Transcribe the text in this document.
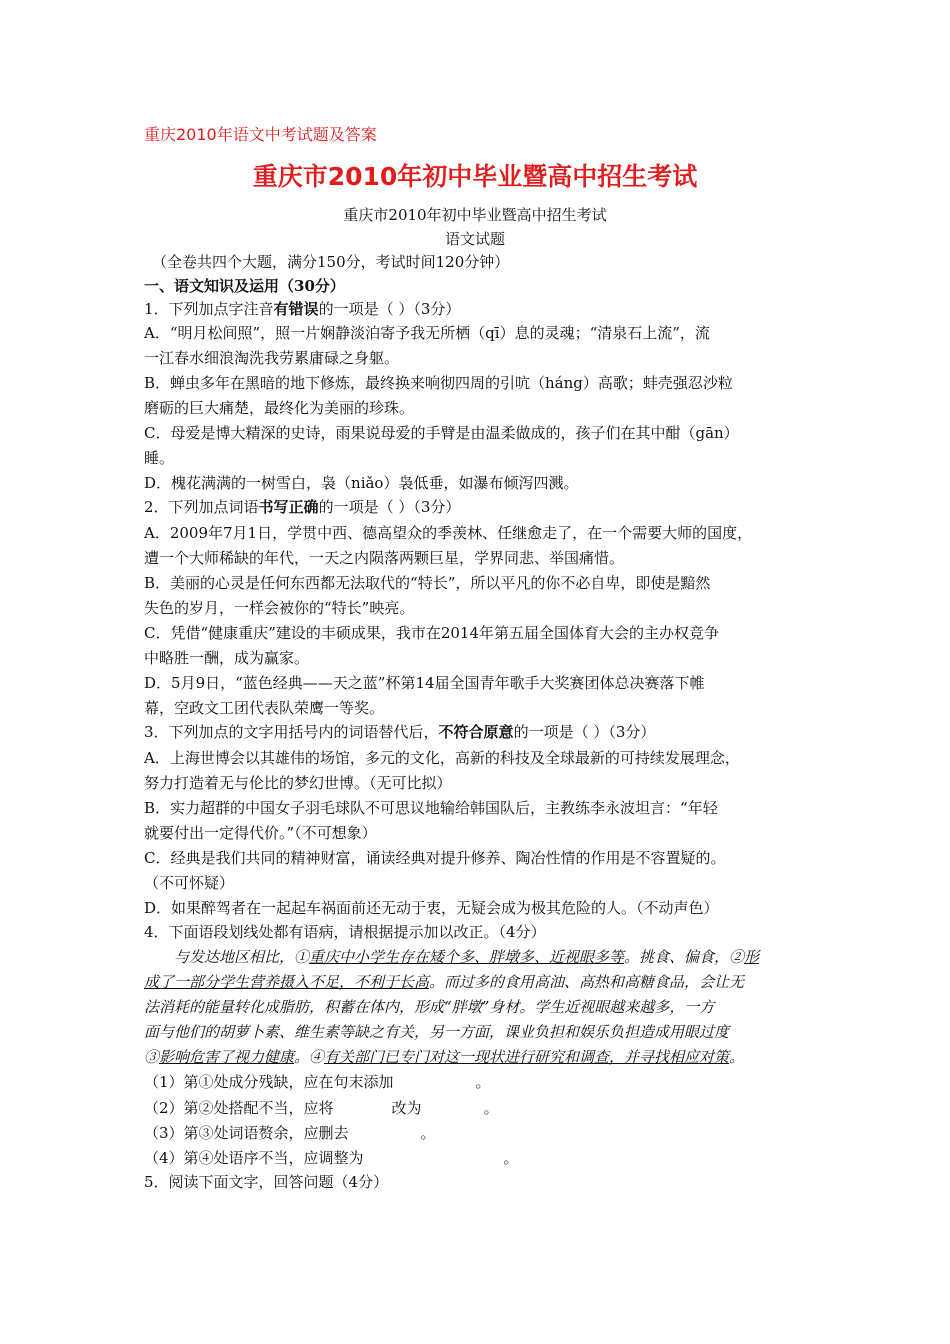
重庆2010年语文中考试题及答案
重庆市2010年初中毕业暨高中招生考试
重庆市2010年初中毕业暨高中招生考试
语文试题
（全卷共四个大题，满分150分，考试时间120分钟）
一、语文知识及运用（30分）
1．下列加点字注音有错误的一项是（ ）（3分）
A．“明月松间照”，照一片娴静淡泊寄予我无所栖（qī）息的灵魂；“清泉石上流”，流
一江春水细浪淘洗我劳累庸碌之身躯。
B．蝉虫多年在黑暗的地下修炼，最终换来响彻四周的引吭（háng）高歌；蚌壳强忍沙粒
磨砺的巨大痛楚，最终化为美丽的珍珠。
C．母爱是博大精深的史诗，雨果说母爱的手臂是由温柔做成的，孩子们在其中酣（gān）
睡。
D．槐花满满的一树雪白，袅（niǎo）袅低垂，如瀑布倾泻四溅。
2．下列加点词语书写正确的一项是（ ）（3分）
A．2009年7月1日，学贯中西、德高望众的季羡林、任继愈走了，在一个需要大师的国度，
遭一个大师稀缺的年代，一天之内陨落两颗巨星，学界同悲、举国痛惜。
B．美丽的心灵是任何东西都无法取代的“特长”，所以平凡的你不必自卑，即使是黯然
失色的岁月，一样会被你的“特长”映亮。
C．凭借“健康重庆”建设的丰硕成果，我市在2014年第五届全国体育大会的主办权竞争
中略胜一酬，成为赢家。
D．5月9日，“蓝色经典——天之蓝”杯第14届全国青年歌手大奖赛团体总决赛落下帷
幕，空政文工团代表队荣鹰一等奖。
3．下列加点的文字用括号内的词语替代后，不符合原意的一项是（ ）（3分）
A．上海世博会以其雄伟的场馆，多元的文化，高新的科技及全球最新的可持续发展理念，
努力打造着无与伦比的梦幻世博。（无可比拟）
B．实力超群的中国女子羽毛球队不可思议地输给韩国队后，主教练李永波坦言：“年轻
就要付出一定得代价。”（不可想象）
C．经典是我们共同的精神财富，诵读经典对提升修养、陶冶性情的作用是不容置疑的。
（不可怀疑）
D．如果醉驾者在一起起车祸面前还无动于衷，无疑会成为极其危险的人。（不动声色）
4．下面语段划线处都有语病，请根据提示加以改正。（4分）
与发达地区相比，①重庆中小学生存在矮个多、胖墩多、近视眼多等。挑食、偏食，②形
成了一部分学生营养摄入不足，不利于长高。而过多的食用高油、高热和高糖食品，会让无
法消耗的能量转化成脂肪，积蓄在体内，形成“胖墩”身材。学生近视眼越来越多，一方
面与他们的胡萝卜素、维生素等缺之有关，另一方面，课业负担和娱乐负担造成用眼过度
③影响危害了视力健康。④有关部门已专门对这一现状进行研究和调查，并寻找相应对策。
（1）第①处成分残缺，应在句末添加	。
（2）第②处搭配不当，应将	改为	。
（3）第③处词语赘余，应删去	。
（4）第④处语序不当，应调整为	。
5．阅读下面文字，回答问题（4分）
